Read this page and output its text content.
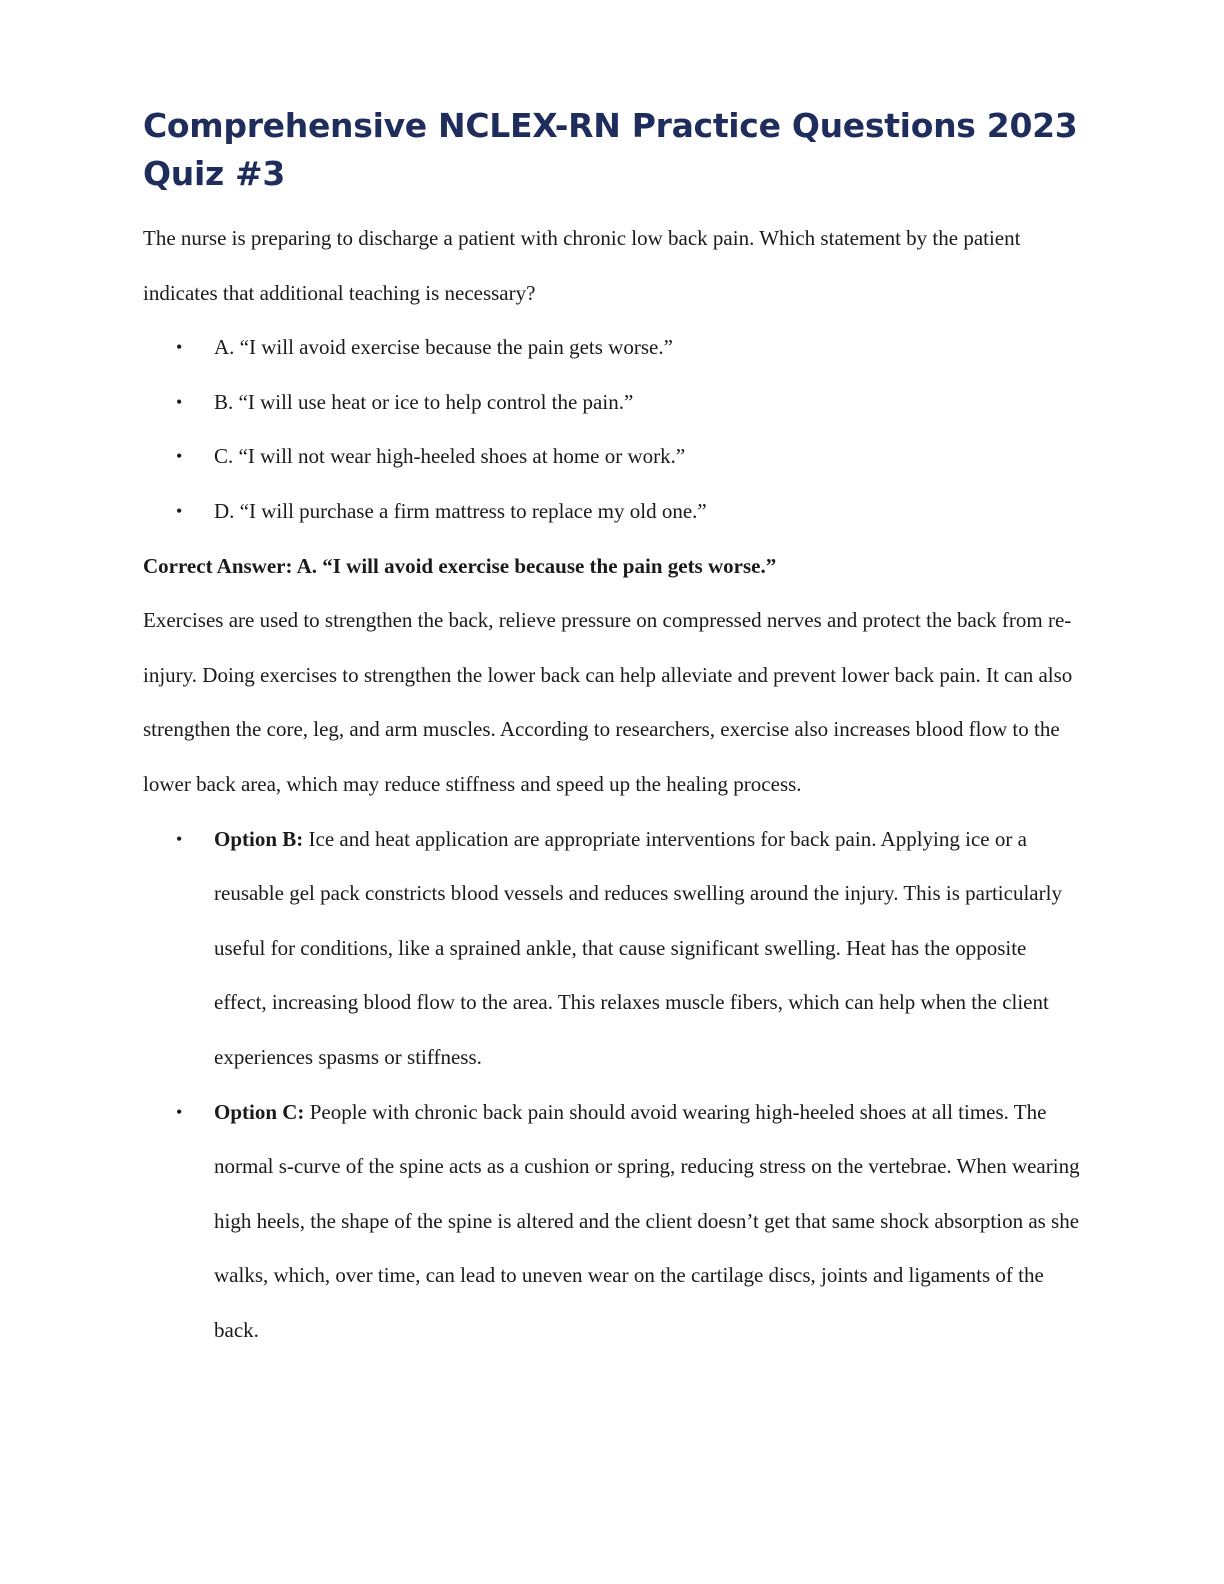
Comprehensive NCLEX-RN Practice Questions 2023 Quiz #3

The nurse is preparing to discharge a patient with chronic low back pain. Which statement by the patient indicates that additional teaching is necessary?

• A. “I will avoid exercise because the pain gets worse.”
• B. “I will use heat or ice to help control the pain.”
• C. “I will not wear high-heeled shoes at home or work.”
• D. “I will purchase a firm mattress to replace my old one.”

Correct Answer: A. “I will avoid exercise because the pain gets worse.”

Exercises are used to strengthen the back, relieve pressure on compressed nerves and protect the back from re-injury. Doing exercises to strengthen the lower back can help alleviate and prevent lower back pain. It can also strengthen the core, leg, and arm muscles. According to researchers, exercise also increases blood flow to the lower back area, which may reduce stiffness and speed up the healing process.

• Option B: Ice and heat application are appropriate interventions for back pain. Applying ice or a reusable gel pack constricts blood vessels and reduces swelling around the injury. This is particularly useful for conditions, like a sprained ankle, that cause significant swelling. Heat has the opposite effect, increasing blood flow to the area. This relaxes muscle fibers, which can help when the client experiences spasms or stiffness.
• Option C: People with chronic back pain should avoid wearing high-heeled shoes at all times. The normal s-curve of the spine acts as a cushion or spring, reducing stress on the vertebrae. When wearing high heels, the shape of the spine is altered and the client doesn’t get that same shock absorption as she walks, which, over time, can lead to uneven wear on the cartilage discs, joints and ligaments of the back.
